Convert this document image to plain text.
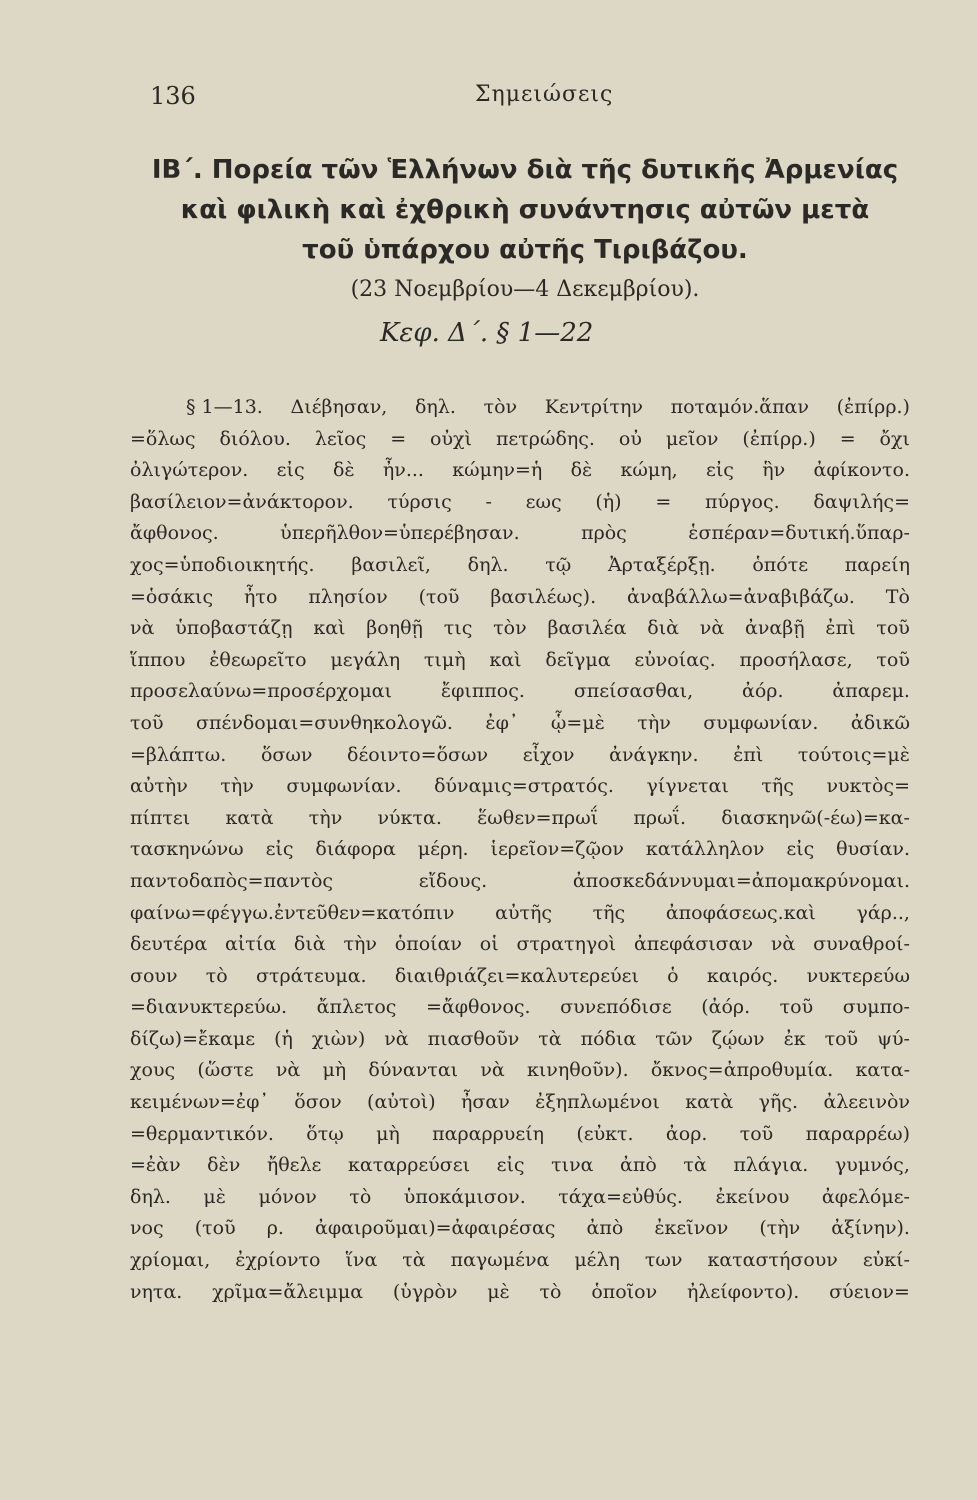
136	Σημειώσεις
ΙΒ΄. Πορεία τῶν Ἑλλήνων διὰ τῆς δυτικῆς Ἀρμενίας
καὶ φιλικὴ καὶ ἐχθρικὴ συνάντησις αὐτῶν μετὰ
τοῦ ὑπάρχου αὐτῆς Τιριβάζου.
(23 Νοεμβρίου—4 Δεκεμβρίου).
Κεφ. Δ΄. § 1—22
§ 1—13. Διέβησαν, δηλ. τὸν Κεντρίτην ποταμόν.ἅπαν (ἐπίρρ.)
=ὅλως διόλου. λεῖος = οὐχὶ πετρώδης. οὐ μεῖον (ἐπίρρ.) = ὄχι
ὀλιγώτερον. εἰς δὲ ἦν... κώμην=ἡ δὲ κώμη, εἰς ἣν ἀφίκοντο.
βασίλειον=ἀνάκτορον. τύρσις - εως (ἡ) = πύργος. δαψιλής=
ἄφθονος.	ὑπερῆλθον=ὑπερέβησαν.	πρὸς	ἑσπέραν=δυτική.ὕπαρ-
χος=ὑποδιοικητής. βασιλεῖ, δηλ. τῷ Ἀρταξέρξῃ. ὁπότε παρείη
=ὁσάκις ἦτο πλησίον (τοῦ βασιλέως). ἀναβάλλω=ἀναβιβάζω. Τὸ
νὰ ὑποβαστάζῃ καὶ βοηθῇ τις τὸν βασιλέα διὰ νὰ ἀναβῇ ἐπὶ τοῦ
ἵππου ἐθεωρεῖτο μεγάλη τιμὴ καὶ δεῖγμα εὐνοίας. προσήλασε, τοῦ
προσελαύνω=προσέρχομαι	ἔφιππος.	σπείσασθαι,	ἀόρ.	ἀπαρεμ.
τοῦ σπένδομαι=συνθηκολογῶ. ἐφ᾽ ᾧ=μὲ τὴν συμφωνίαν. ἀδικῶ
=βλάπτω. ὅσων δέοιντο=ὅσων εἶχον ἀνάγκην. ἐπὶ τούτοις=μὲ
αὐτὴν τὴν συμφωνίαν. δύναμις=στρατός. γίγνεται τῆς νυκτὸς=
πίπτει κατὰ τὴν νύκτα. ἕωθεν=πρωΐ πρωΐ. διασκηνῶ(-έω)=κα-
τασκηνώνω εἰς διάφορα μέρη. ἱερεῖον=ζῷον κατάλληλον εἰς θυσίαν.
παντοδαπὸς=παντὸς	εἴδους.	ἀποσκεδάννυμαι=ἀπομακρύνομαι.
φαίνω=φέγγω.ἐντεῦθεν=κατόπιν αὐτῆς τῆς ἀποφάσεως.καὶ γάρ..,
δευτέρα αἰτία διὰ τὴν ὁποίαν οἱ στρατηγοὶ ἀπεφάσισαν νὰ συναθροί-
σουν τὸ στράτευμα. διαιθριάζει=καλυτερεύει ὁ καιρός. νυκτερεύω
=διανυκτερεύω. ἄπλετος =ἄφθονος. συνεπόδισε (ἀόρ. τοῦ συμπο-
δίζω)=ἔκαμε (ἡ χιὼν) νὰ πιασθοῦν τὰ πόδια τῶν ζῴων ἐκ τοῦ ψύ-
χους (ὥστε νὰ μὴ δύνανται νὰ κινηθοῦν). ὄκνος=ἀπροθυμία. κατα-
κειμένων=ἐφ᾽ ὅσον (αὐτοὶ) ἦσαν ἐξηπλωμένοι κατὰ γῆς. ἀλεεινὸν
=θερμαντικόν. ὅτῳ μὴ παραρρυείη (εὐκτ. ἀορ. τοῦ παραρρέω)
=ἐὰν δὲν ἤθελε καταρρεύσει εἰς τινα ἀπὸ τὰ πλάγια. γυμνός,
δηλ. μὲ μόνον τὸ ὑποκάμισον. τάχα=εὐθύς. ἐκείνου ἀφελόμε-
νος (τοῦ ρ. ἀφαιροῦμαι)=ἀφαιρέσας ἀπὸ ἐκεῖνον (τὴν ἀξίνην).
χρίομαι, ἐχρίοντο ἵνα τὰ παγωμένα μέλη των καταστήσουν εὐκί-
νητα. χρῖμα=ἄλειμμα (ὑγρὸν μὲ τὸ ὁποῖον ἠλείφοντο). σύειον=
